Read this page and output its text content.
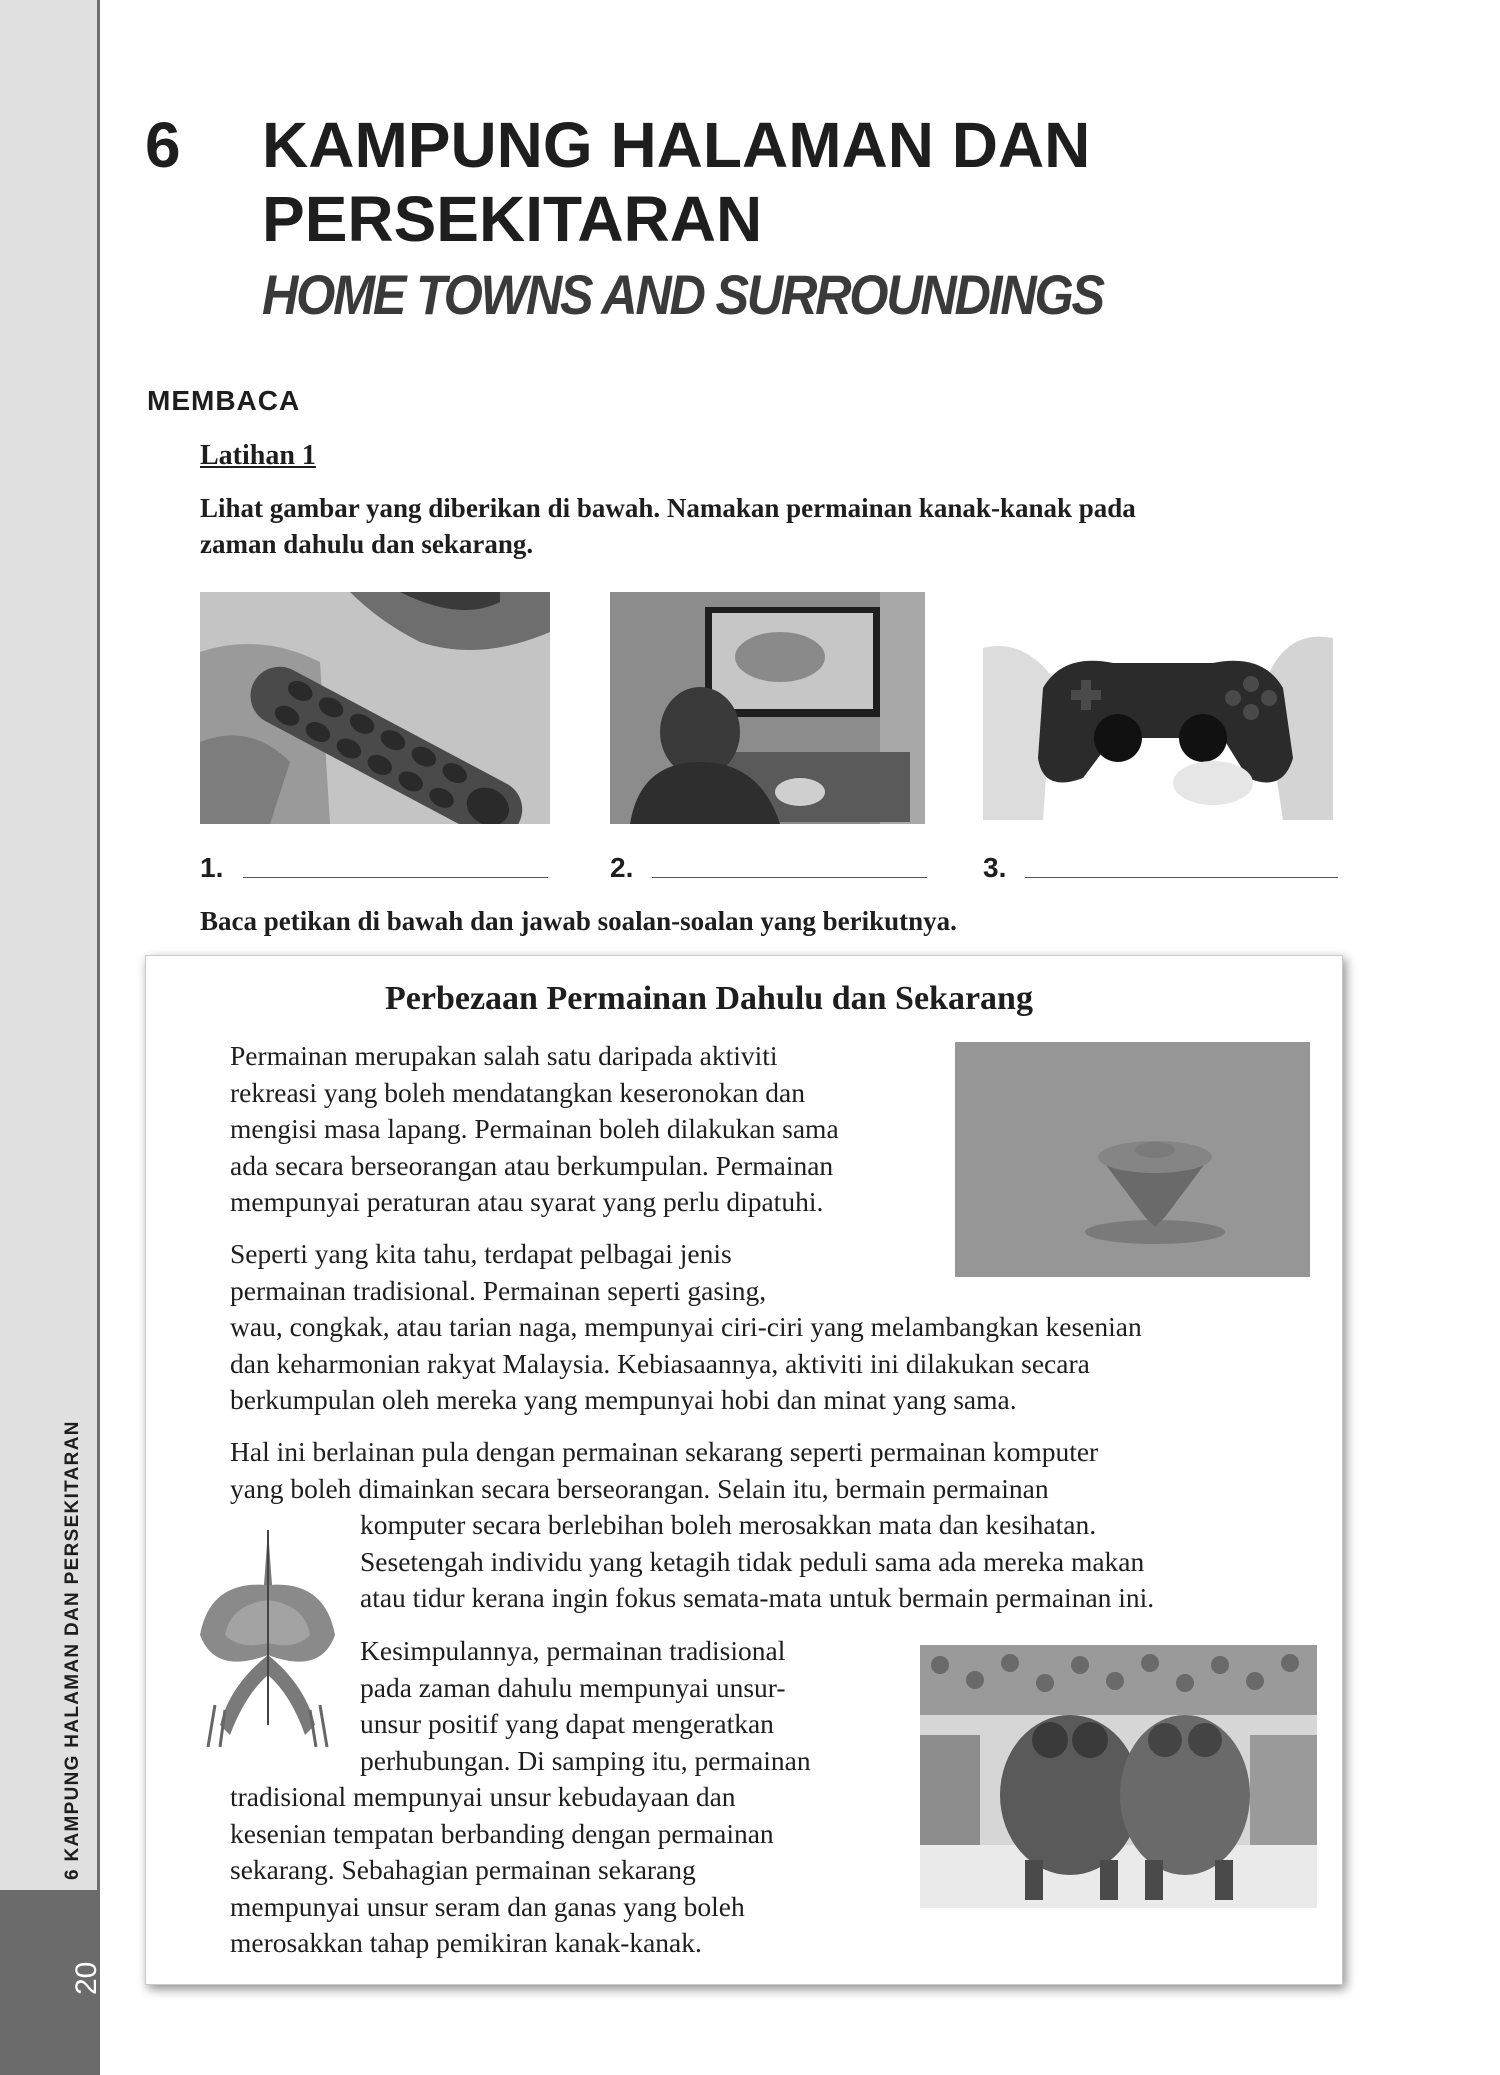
6 KAMPUNG HALAMAN DAN PERSEKITARAN
20
6 KAMPUNG HALAMAN DAN
PERSEKITARAN
HOME TOWNS AND SURROUNDINGS
MEMBACA
Latihan 1
Lihat gambar yang diberikan di bawah. Namakan permainan kanak-kanak pada
zaman dahulu dan sekarang.
1.	2.	3.
Baca petikan di bawah dan jawab soalan-soalan yang berikutnya.
Perbezaan Permainan Dahulu dan Sekarang
Permainan merupakan salah satu daripada aktiviti
rekreasi yang boleh mendatangkan keseronokan dan
mengisi masa lapang. Permainan boleh dilakukan sama
ada secara berseorangan atau berkumpulan. Permainan
mempunyai peraturan atau syarat yang perlu dipatuhi.
Seperti yang kita tahu, terdapat pelbagai jenis
permainan tradisional. Permainan seperti gasing,
wau, congkak, atau tarian naga, mempunyai ciri-ciri yang melambangkan kesenian
dan keharmonian rakyat Malaysia. Kebiasaannya, aktiviti ini dilakukan secara
berkumpulan oleh mereka yang mempunyai hobi dan minat yang sama.
Hal ini berlainan pula dengan permainan sekarang seperti permainan komputer
yang boleh dimainkan secara berseorangan. Selain itu, bermain permainan
komputer secara berlebihan boleh merosakkan mata dan kesihatan.
Sesetengah individu yang ketagih tidak peduli sama ada mereka makan
atau tidur kerana ingin fokus semata-mata untuk bermain permainan ini.
Kesimpulannya, permainan tradisional
pada zaman dahulu mempunyai unsur-
unsur positif yang dapat mengeratkan
perhubungan. Di samping itu, permainan
tradisional mempunyai unsur kebudayaan dan
kesenian tempatan berbanding dengan permainan
sekarang. Sebahagian permainan sekarang
mempunyai unsur seram dan ganas yang boleh
merosakkan tahap pemikiran kanak-kanak.
